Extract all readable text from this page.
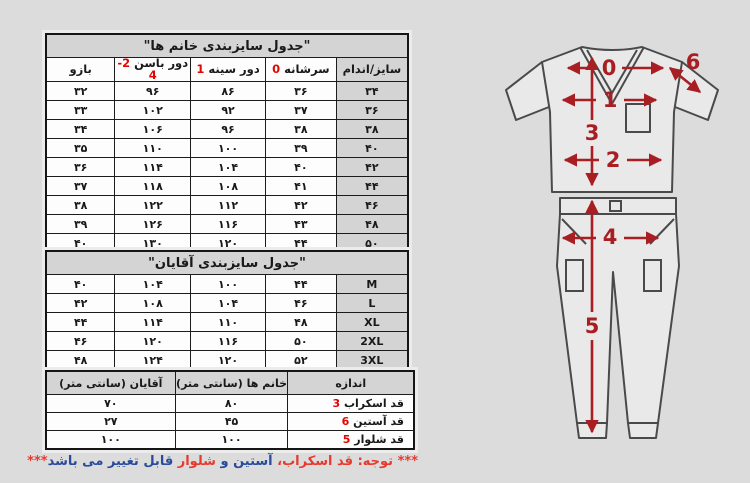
"جدول سایزبندی خانم ها"				
سایز/اندام	سرشانه 0	دور سینه 1	دور باسن 2-4	بازو
۳۴	۳۶	۸۶	۹۶	۳۲
۳۶	۳۷	۹۲	۱۰۲	۳۳
۳۸	۳۸	۹۶	۱۰۶	۳۴
۴۰	۳۹	۱۰۰	۱۱۰	۳۵
۴۲	۴۰	۱۰۴	۱۱۴	۳۶
۴۴	۴۱	۱۰۸	۱۱۸	۳۷
۴۶	۴۲	۱۱۲	۱۲۲	۳۸
۴۸	۴۳	۱۱۶	۱۲۶	۳۹
۵۰	۴۴	۱۲۰	۱۳۰	۴۰
"جدول سایزبندی آقایان"				
M	۴۴	۱۰۰	۱۰۴	۴۰
L	۴۶	۱۰۴	۱۰۸	۴۲
XL	۴۸	۱۱۰	۱۱۴	۴۴
2XL	۵۰	۱۱۶	۱۲۰	۴۶
3XL	۵۲	۱۲۰	۱۲۴	۴۸
اندازه	خانم ها (سانتی متر)	آقایان (سانتی متر)
قد اسکراب 3	۸۰	۷۰
قد آستین 6	۴۵	۲۷
قد شلوار 5	۱۰۰	۱۰۰
*** توجه: قد اسکراب، آستین و شلوار قابل تغییر می باشد***
0	6
1
3
2
4
5
